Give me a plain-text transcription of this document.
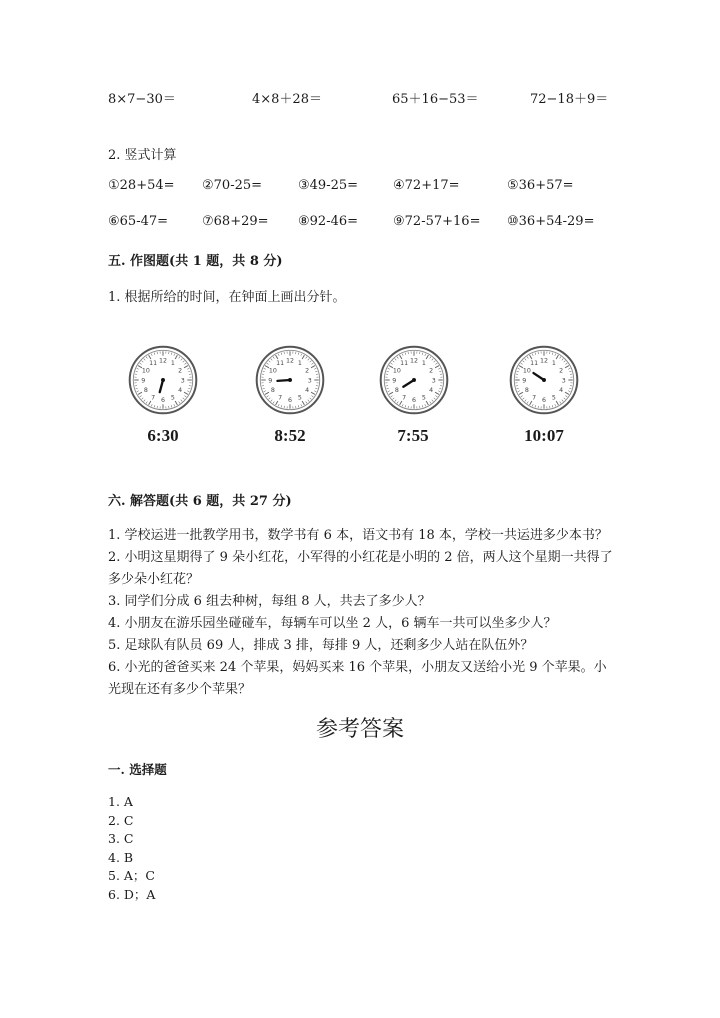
8×7−30＝	4×8＋28＝	65＋16−53＝	72−18＋9＝
2. 竖式计算
①28+54= ②70-25=	③49-25=	④72+17=	⑤36+57=
⑥65-47=	⑦68+29= ⑧92-46=	⑨72-57+16= ⑩36+54-29=
五. 作图题(共 1 题，共 8 分)
1. 根据所给的时间，在钟面上画出分针。
1
2
3
4
5
6
7
8
9
10
11 12	1
2
3
4
5
6
7
8
9
10
11 12	1
2
3
4
5
6
7
8
9
10
11 12	1
2
3
4
5
6
7
8
9
10
11 12
6:30	8:52	7:55	10:07
六. 解答题(共 6 题，共 27 分)
1. 学校运进一批教学用书，数学书有 6 本，语文书有 18 本，学校一共运进多少本书？
2. 小明这星期得了 9 朵小红花，小军得的小红花是小明的 2 倍，两人这个星期一共得了多少朵小红花？
3. 同学们分成 6 组去种树，每组 8 人，共去了多少人？
4. 小朋友在游乐园坐碰碰车，每辆车可以坐 2 人，6 辆车一共可以坐多少人？
5. 足球队有队员 69 人，排成 3 排，每排 9 人，还剩多少人站在队伍外？
6. 小光的爸爸买来 24 个苹果，妈妈买来 16 个苹果，小朋友又送给小光 9 个苹果。小光现在还有多少个苹果？
参考答案
一. 选择题
1. A
2. C
3. C
4. B
5. A；C
6. D；A
